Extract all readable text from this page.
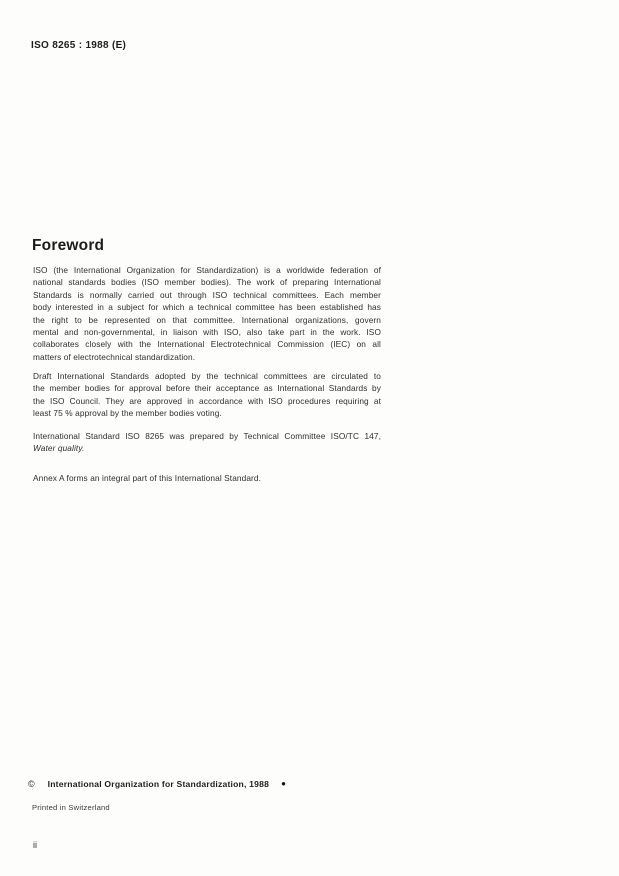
ISO 8265 : 1988 (E)
Foreword
ISO (the International Organization for Standardization) is a worldwide federation of
national standards bodies (ISO member bodies). The work of preparing International
Standards is normally carried out through ISO technical committees. Each member
body interested in a subject for which a technical committee has been established has
the right to be represented on that committee. International organizations, govern
mental and non-governmental, in liaison with ISO, also take part in the work. ISO
collaborates closely with the International Electrotechnical Commission (IEC) on all
matters of electrotechnical standardization.
Draft International Standards adopted by the technical committees are circulated to
the member bodies for approval before their acceptance as International Standards by
the ISO Council. They are approved in accordance with ISO procedures requiring at
least 75 % approval by the member bodies voting.
International Standard ISO 8265 was prepared by Technical Committee ISO/TC 147,
Water quality.
Annex A forms an integral part of this International Standard.
© International Organization for Standardization, 1988 ●
Printed in Switzerland
ii
